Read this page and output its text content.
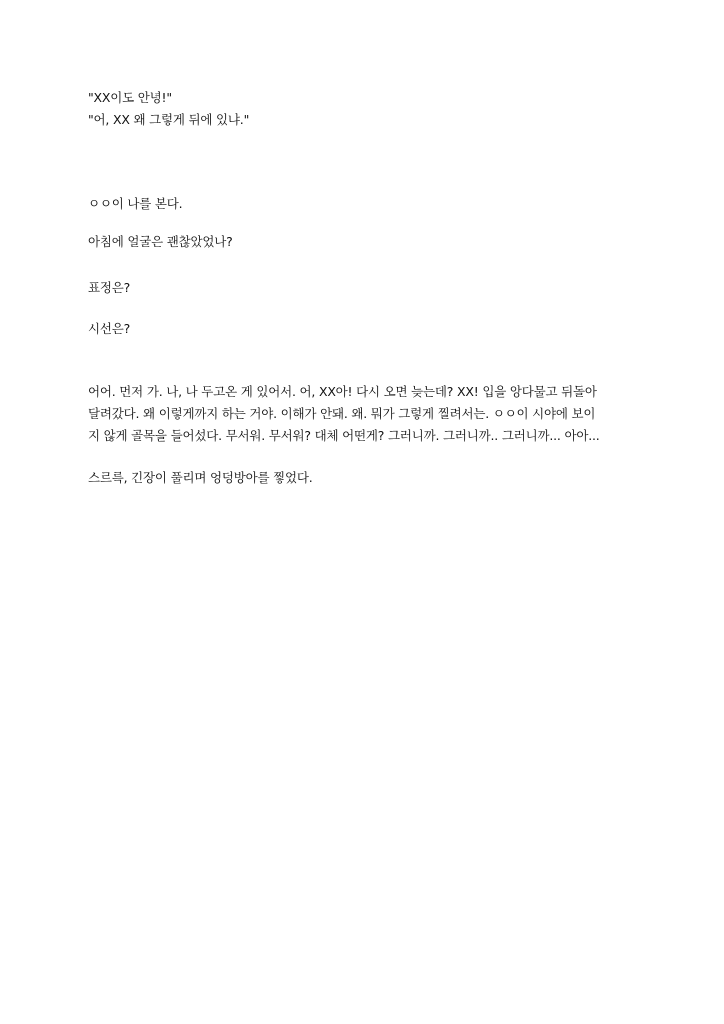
"XX이도 안녕!"
"어, XX 왜 그렇게 뒤에 있냐."
ㅇㅇ이 나를 본다.
아침에 얼굴은 괜찮았었나?
표정은?
시선은?
어어. 먼저 가. 나, 나 두고온 게 있어서. 어, XX아! 다시 오면 늦는데? XX! 입을 앙다물고 뒤돌아
달려갔다. 왜 이렇게까지 하는 거야. 이해가 안돼. 왜. 뭐가 그렇게 찔려서는. ㅇㅇ이 시야에 보이
지 않게 골목을 들어섰다. 무서워. 무서워? 대체 어떤게? 그러니까. 그러니까.. 그러니까... 아아...
스르륵, 긴장이 풀리며 엉덩방아를 찧었다.
